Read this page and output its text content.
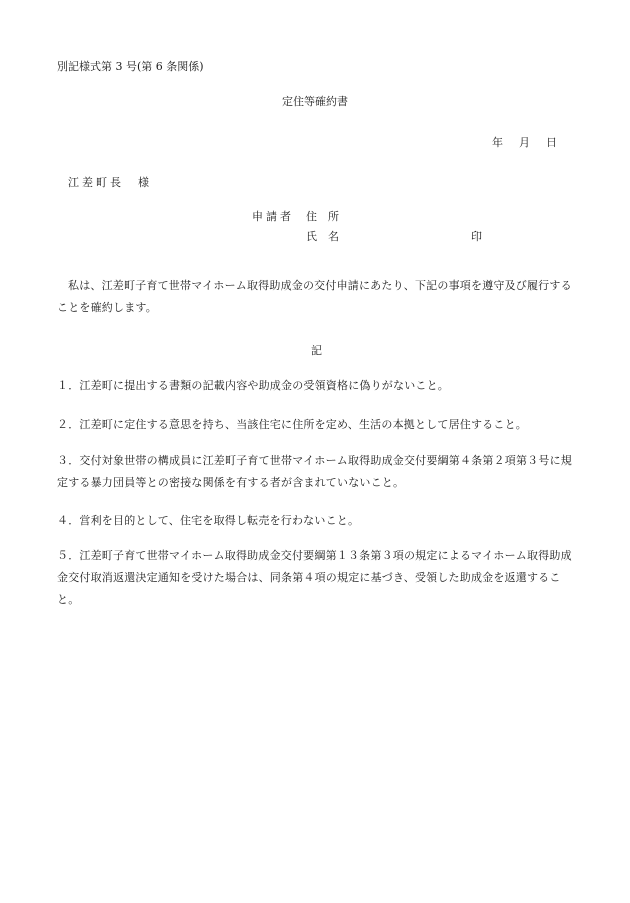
別記様式第 3 号(第 6 条関係)
定住等確約書
年 月 日
江差町長　様
申請者 住　所
氏　名	印
私は、江差町子育て世帯マイホーム取得助成金の交付申請にあたり、下記の事項を遵守及び履行することを確約します。
記
１．江差町に提出する書類の記載内容や助成金の受領資格に偽りがないこと。
２．江差町に定住する意思を持ち、当該住宅に住所を定め、生活の本拠として居住すること。
３．交付対象世帯の構成員に江差町子育て世帯マイホーム取得助成金交付要綱第４条第２項第３号に規定する暴力団員等との密接な関係を有する者が含まれていないこと。
４．営利を目的として、住宅を取得し転売を行わないこと。
５．江差町子育て世帯マイホーム取得助成金交付要綱第１３条第３項の規定によるマイホーム取得助成金交付取消返還決定通知を受けた場合は、同条第４項の規定に基づき、受領した助成金を返還すること。
